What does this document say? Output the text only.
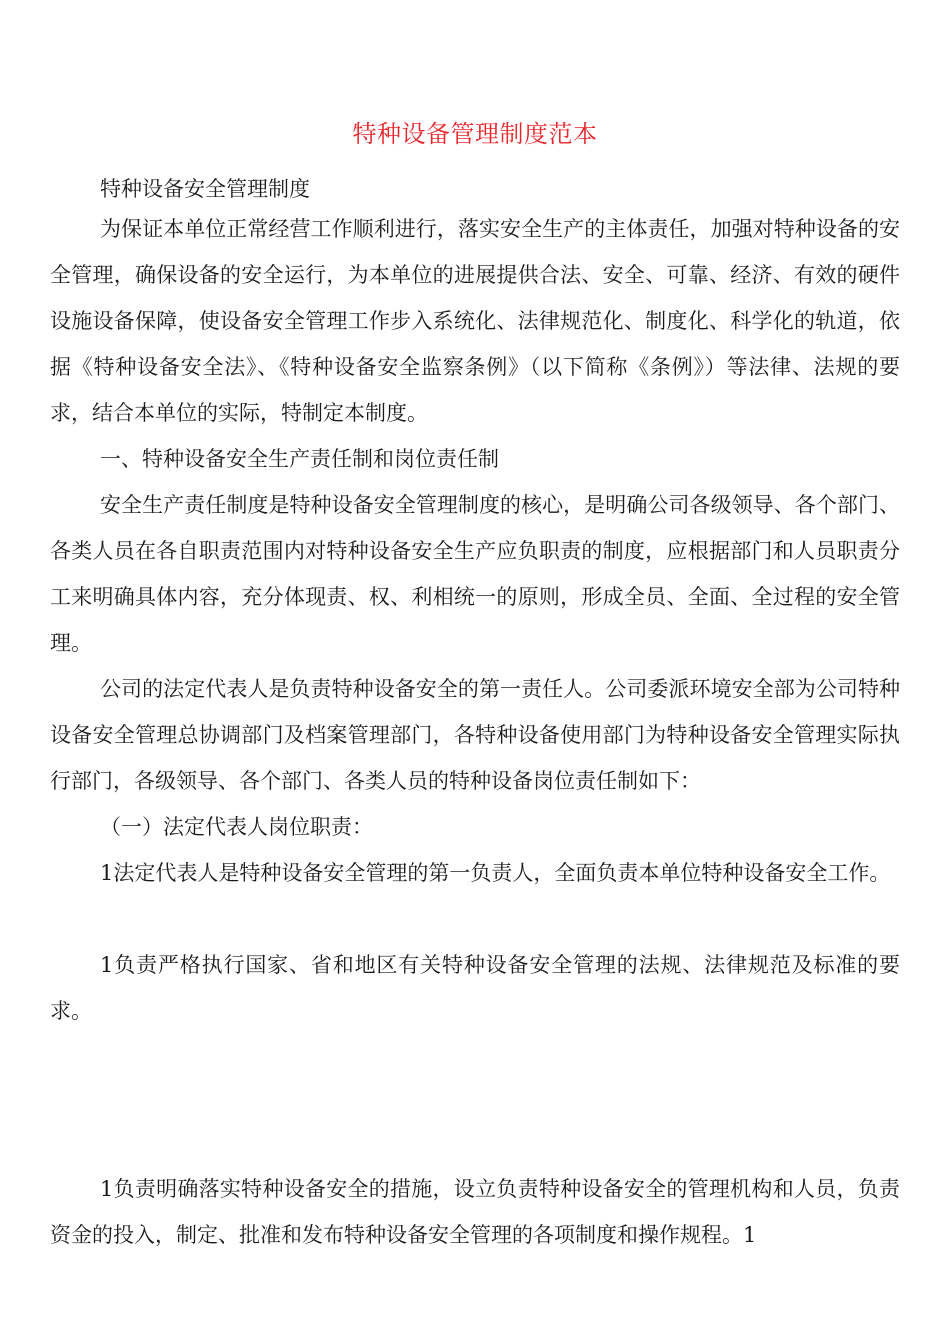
特种设备管理制度范本

特种设备安全管理制度

为保证本单位正常经营工作顺利进行，落实安全生产的主体责任，加强对特种设备的安全管理，确保设备的安全运行，为本单位的进展提供合法、安全、可靠、经济、有效的硬件设施设备保障，使设备安全管理工作步入系统化、法律规范化、制度化、科学化的轨道，依据《特种设备安全法》、《特种设备安全监察条例》（以下简称《条例》）等法律、法规的要求，结合本单位的实际，特制定本制度。

一、特种设备安全生产责任制和岗位责任制

安全生产责任制度是特种设备安全管理制度的核心，是明确公司各级领导、各个部门、各类人员在各自职责范围内对特种设备安全生产应负职责的制度，应根据部门和人员职责分工来明确具体内容，充分体现责、权、利相统一的原则，形成全员、全面、全过程的安全管理。

公司的法定代表人是负责特种设备安全的第一责任人。公司委派环境安全部为公司特种设备安全管理总协调部门及档案管理部门，各特种设备使用部门为特种设备安全管理实际执行部门，各级领导、各个部门、各类人员的特种设备岗位责任制如下：

（一）法定代表人岗位职责：

1法定代表人是特种设备安全管理的第一负责人，全面负责本单位特种设备安全工作。

1负责严格执行国家、省和地区有关特种设备安全管理的法规、法律规范及标准的要求。

1负责明确落实特种设备安全的措施，设立负责特种设备安全的管理机构和人员，负责资金的投入，制定、批准和发布特种设备安全管理的各项制度和操作规程。1
